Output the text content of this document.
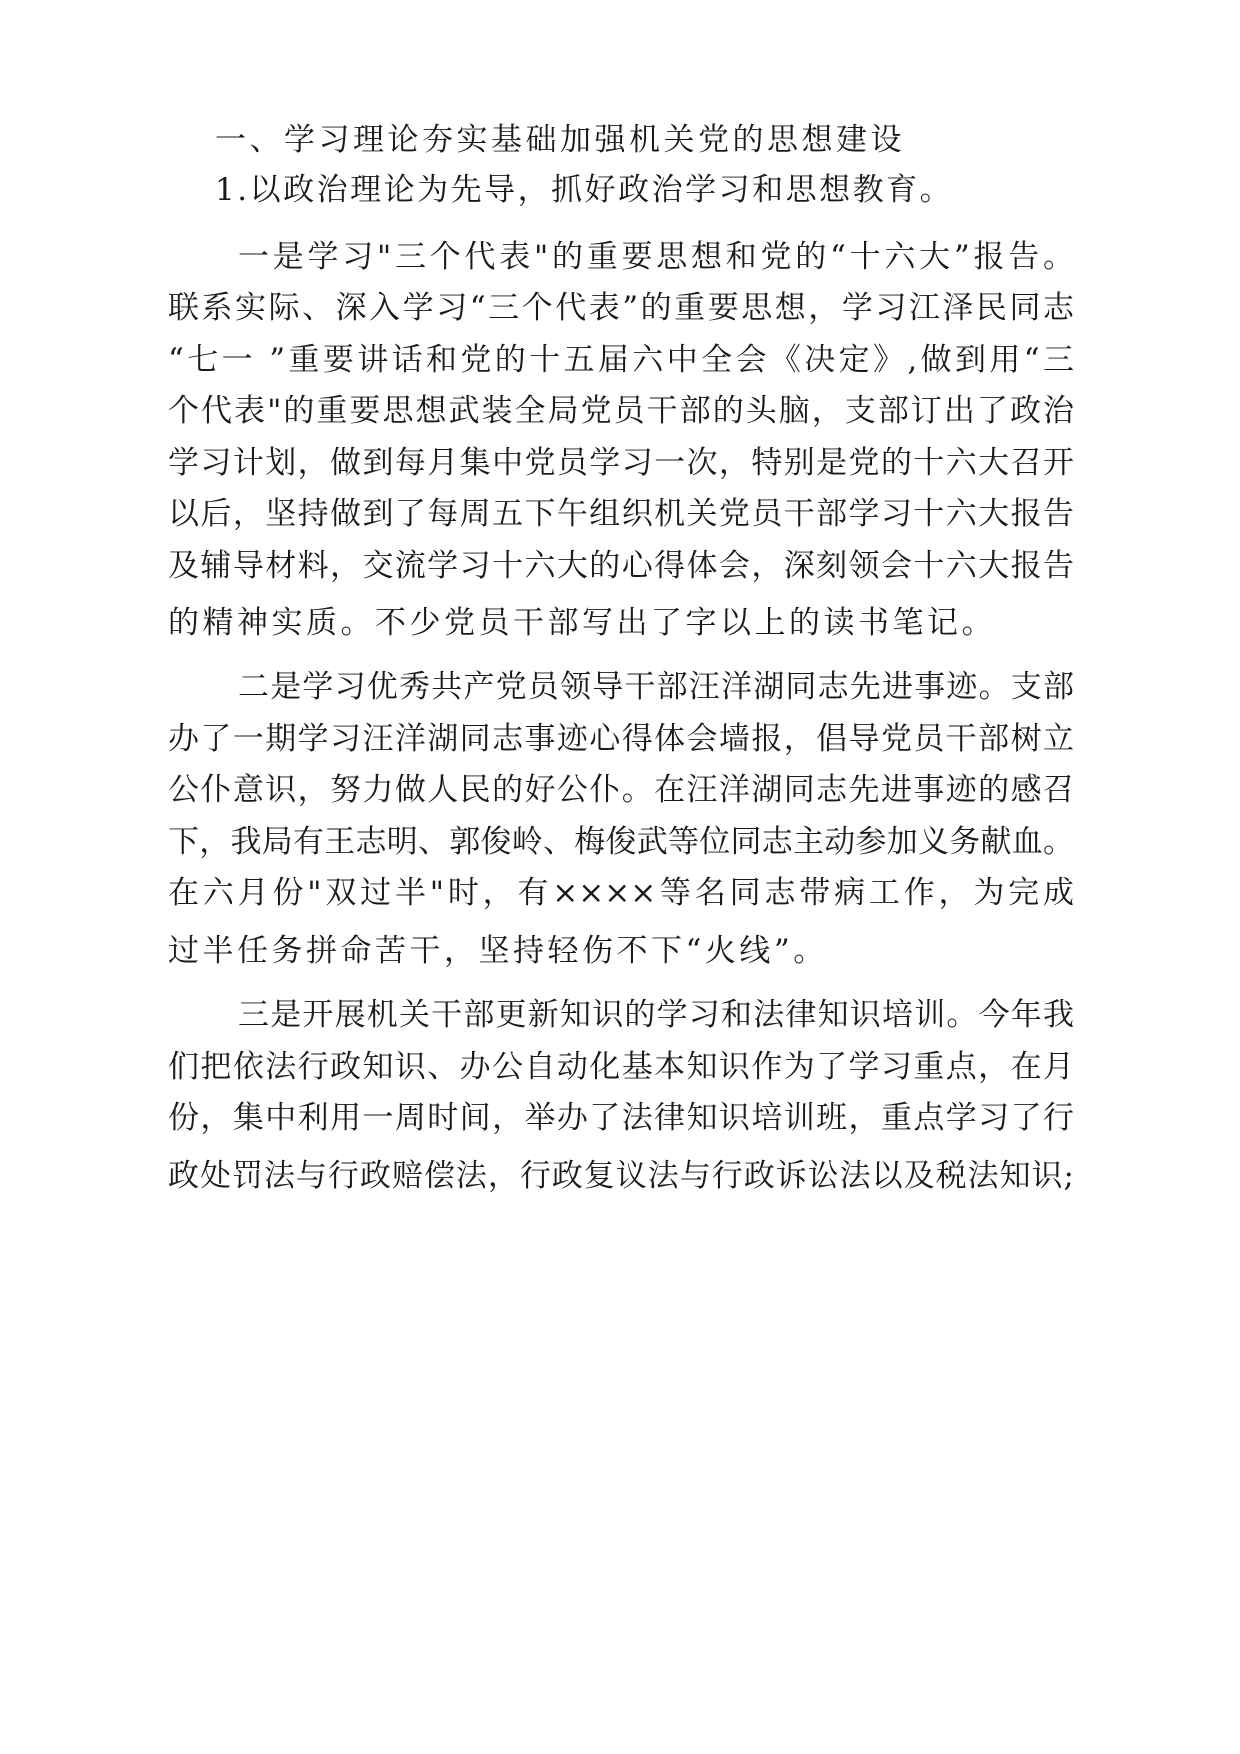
一、学习理论夯实基础加强机关党的思想建设
1.以政治理论为先导，抓好政治学习和思想教育。
一是学习"三个代表"的重要思想和党的“十六大”报告。
联系实际、深入学习“三个代表”的重要思想，学习江泽民同志
“七一 ”重要讲话和党的十五届六中全会《决定》,做到用“三
个代表"的重要思想武装全局党员干部的头脑，支部订出了政治
学习计划，做到每月集中党员学习一次，特别是党的十六大召开
以后，坚持做到了每周五下午组织机关党员干部学习十六大报告
及辅导材料，交流学习十六大的心得体会，深刻领会十六大报告
的精神实质。不少党员干部写出了字以上的读书笔记。
二是学习优秀共产党员领导干部汪洋湖同志先进事迹。支部
办了一期学习汪洋湖同志事迹心得体会墙报，倡导党员干部树立
公仆意识，努力做人民的好公仆。在汪洋湖同志先进事迹的感召
下，我局有王志明、郭俊岭、梅俊武等位同志主动参加义务献血。
在六月份"双过半"时，有××××等名同志带病工作，为完成
过半任务拼命苦干，坚持轻伤不下“火线”。
三是开展机关干部更新知识的学习和法律知识培训。今年我
们把依法行政知识、办公自动化基本知识作为了学习重点，在月
份，集中利用一周时间，举办了法律知识培训班，重点学习了行
政处罚法与行政赔偿法，行政复议法与行政诉讼法以及税法知识;
